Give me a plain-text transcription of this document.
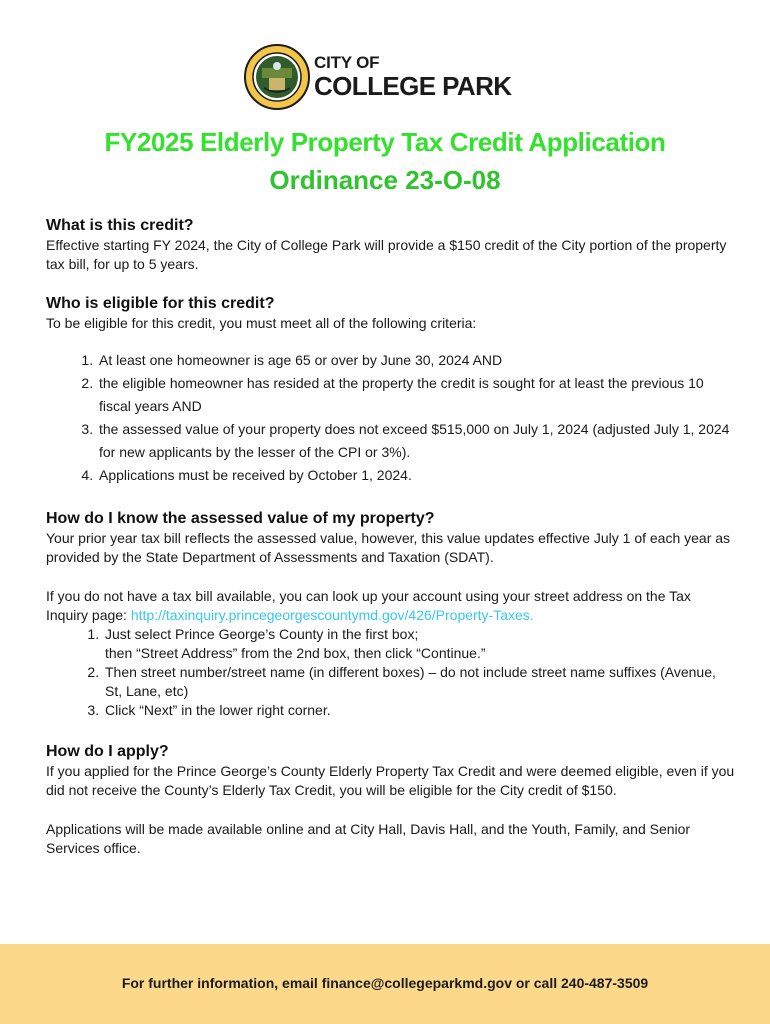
CITY OF
COLLEGE PARK
FY2025 Elderly Property Tax Credit Application
Ordinance 23-O-08
What is this credit?

Effective starting FY 2024, the City of College Park will provide a $150 credit of the City portion of the property tax bill, for up to 5 years.

Who is eligible for this credit?

To be eligible for this credit, you must meet all of the following criteria:

1. At least one homeowner is age 65 or over by June 30, 2024 AND
2. the eligible homeowner has resided at the property the credit is sought for at least the previous 10 fiscal years AND
3. the assessed value of your property does not exceed $515,000 on July 1, 2024 (adjusted July 1, 2024 for new applicants by the lesser of the CPI or 3%).
4. Applications must be received by October 1, 2024.
How do I know the assessed value of my property?

Your prior year tax bill reflects the assessed value, however, this value updates effective July 1 of each year as provided by the State Department of Assessments and Taxation (SDAT).

If you do not have a tax bill available, you can look up your account using your street address on the Tax Inquiry page: http://taxinquiry.princegeorgescountymd.gov/426/Property-Taxes.

1. Just select Prince George’s County in the first box;
then “Street Address” from the 2nd box, then click “Continue.”
2. Then street number/street name (in different boxes) – do not include street name suffixes (Avenue, St, Lane, etc)
3. Click “Next” in the lower right corner.
How do I apply?

If you applied for the Prince George’s County Elderly Property Tax Credit and were deemed eligible, even if you did not receive the County’s Elderly Tax Credit, you will be eligible for the City credit of $150.

Applications will be made available online and at City Hall, Davis Hall, and the Youth, Family, and Senior Services office.

For further information, email finance@collegeparkmd.gov or call 240-487-3509
